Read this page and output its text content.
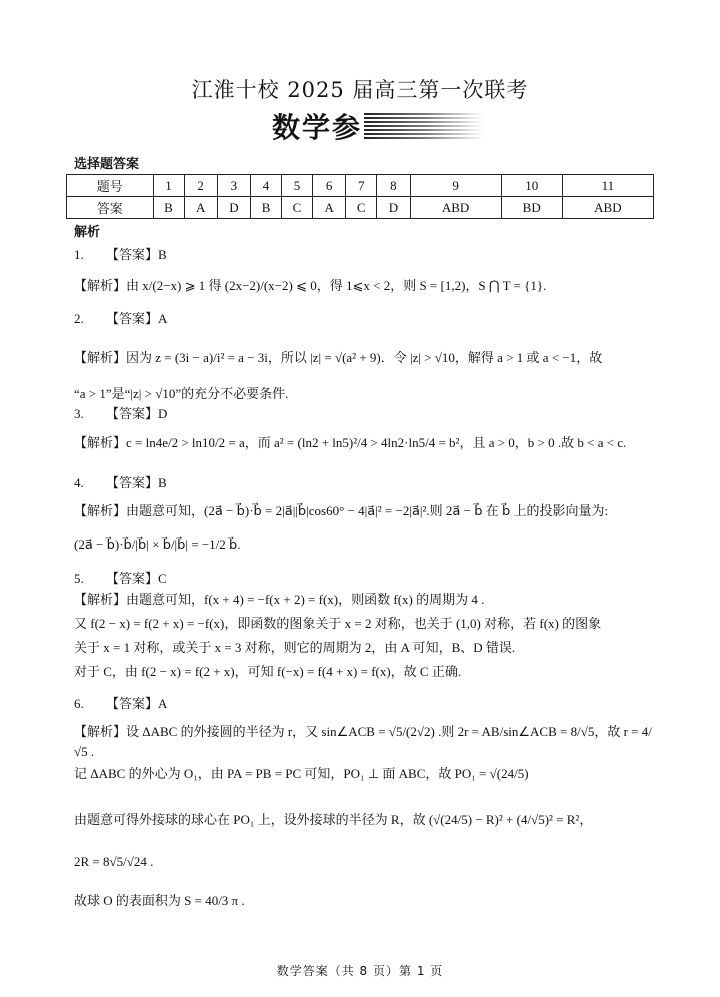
江淮十校 2025 届高三第一次联考
数学参
选择题答案
题号	1	2	3	4	5	6	7	8	9	10	11
答案	B	A	D	B	C	A	C	D	ABD	BD	ABD
解析
1. 【答案】B
【解析】由 x/(2−x) ⩾ 1 得 (2x−2)/(x−2) ⩽ 0，得 1⩽x < 2，则 S = [1,2)，S ⋂ T = {1}.
2. 【答案】A
【解析】因为 z = (3i − a)/i² = a − 3i，所以 |z| = √(a² + 9)．令 |z| > √10，解得 a > 1 或 a < −1，故
“a > 1”是“|z| > √10”的充分不必要条件.
3. 【答案】D
【解析】c = ln4e/2 > ln10/2 = a，而 a² = (ln2 + ln5)²/4 > 4ln2·ln5/4 = b²，且 a > 0，b > 0 .故 b < a < c.
4. 【答案】B
【解析】由题意可知，(2a⃗ − b⃗)·b⃗ = 2|a⃗||b⃗|cos60° − 4|a⃗|² = −2|a⃗|².则 2a⃗ − b⃗ 在 b⃗ 上的投影向量为:
(2a⃗ − b⃗)·b⃗/|b⃗| × b⃗/|b⃗| = −1/2 b⃗.
5. 【答案】C
【解析】由题意可知，f(x + 4) = −f(x + 2) = f(x)，则函数 f(x) 的周期为 4 .
又 f(2 − x) = f(2 + x) = −f(x)，即函数的图象关于 x = 2 对称，也关于 (1,0) 对称，若 f(x) 的图象
关于 x = 1 对称，或关于 x = 3 对称，则它的周期为 2，由 A 可知，B、D 错误.
对于 C，由 f(2 − x) = f(2 + x)，可知 f(−x) = f(4 + x) = f(x)，故 C 正确.
6. 【答案】A
【解析】设 ΔABC 的外接圆的半径为 r，又 sin∠ACB = √5/(2√2) .则 2r = AB/sin∠ACB = 8/√5，故 r = 4/√5 .
记 ΔABC 的外心为 O₁，由 PA = PB = PC 可知，PO₁ ⊥ 面 ABC，故 PO₁ = √(24/5)
由题意可得外接球的球心在 PO₁ 上，设外接球的半径为 R，故 (√(24/5) − R)² + (4/√5)² = R²，
2R = 8√5/√24 .
故球 O 的表面积为 S = 40/3 π .
数学答案（共 8 页）第 1 页
